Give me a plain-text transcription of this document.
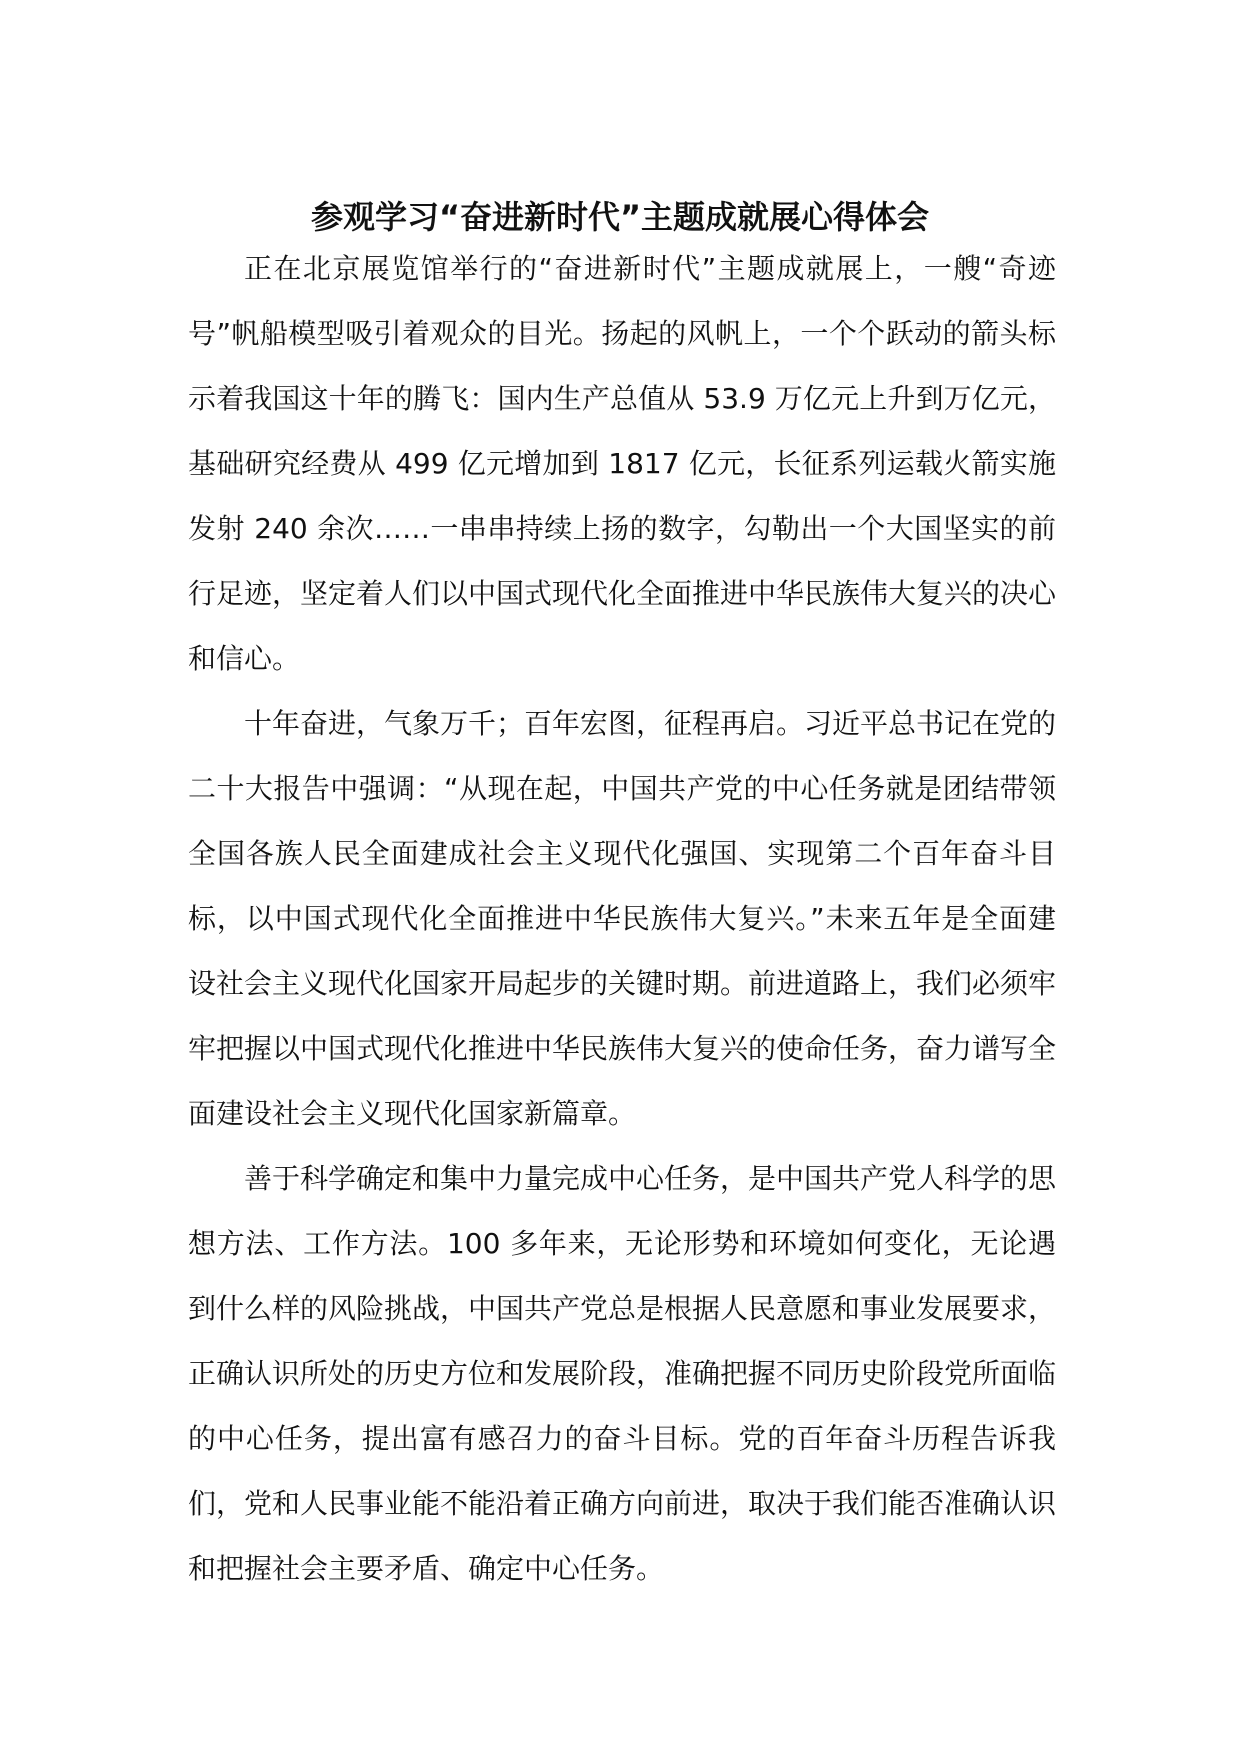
参观学习“奋进新时代”主题成就展心得体会

正在北京展览馆举行的“奋进新时代”主题成就展上，一艘“奇迹号”帆船模型吸引着观众的目光。扬起的风帆上，一个个跃动的箭头标示着我国这十年的腾飞：国内生产总值从 53.9 万亿元上升到万亿元，基础研究经费从 499 亿元增加到 1817 亿元，长征系列运载火箭实施发射 240 余次……一串串持续上扬的数字，勾勒出一个大国坚实的前行足迹，坚定着人们以中国式现代化全面推进中华民族伟大复兴的决心和信心。

十年奋进，气象万千；百年宏图，征程再启。习近平总书记在党的二十大报告中强调：“从现在起，中国共产党的中心任务就是团结带领全国各族人民全面建成社会主义现代化强国、实现第二个百年奋斗目标，以中国式现代化全面推进中华民族伟大复兴。”未来五年是全面建设社会主义现代化国家开局起步的关键时期。前进道路上，我们必须牢牢把握以中国式现代化推进中华民族伟大复兴的使命任务，奋力谱写全面建设社会主义现代化国家新篇章。

善于科学确定和集中力量完成中心任务，是中国共产党人科学的思想方法、工作方法。100 多年来，无论形势和环境如何变化，无论遇到什么样的风险挑战，中国共产党总是根据人民意愿和事业发展要求，正确认识所处的历史方位和发展阶段，准确把握不同历史阶段党所面临的中心任务，提出富有感召力的奋斗目标。党的百年奋斗历程告诉我们，党和人民事业能不能沿着正确方向前进，取决于我们能否准确认识和把握社会主要矛盾、确定中心任务。
